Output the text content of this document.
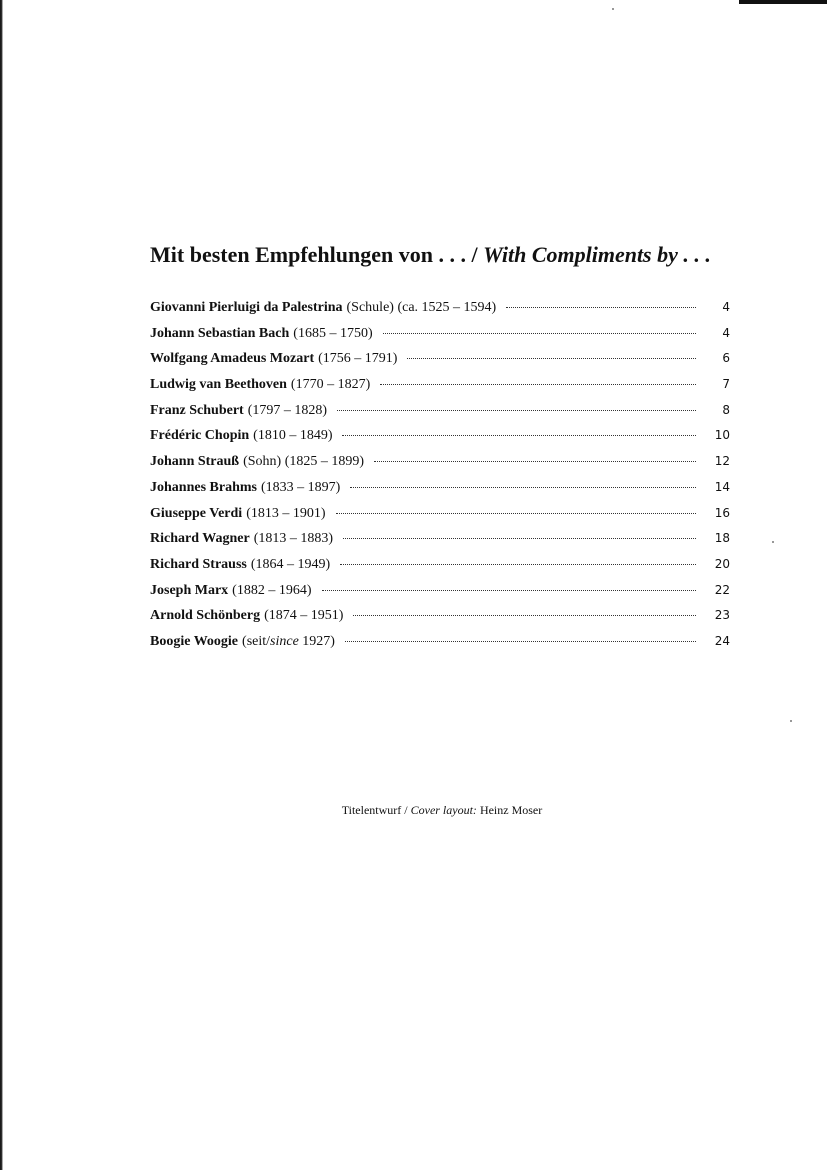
Mit besten Empfehlungen von . . . / With Compliments by . . .
Giovanni Pierluigi da Palestrina (Schule) (ca. 1525 – 1594)	4
Johann Sebastian Bach (1685 – 1750)	4
Wolfgang Amadeus Mozart (1756 – 1791)	6
Ludwig van Beethoven (1770 – 1827)	7
Franz Schubert (1797 – 1828)	8
Frédéric Chopin (1810 – 1849)	10
Johann Strauß (Sohn) (1825 – 1899)	12
Johannes Brahms (1833 – 1897)	14
Giuseppe Verdi (1813 – 1901)	16
Richard Wagner (1813 – 1883)	18
Richard Strauss (1864 – 1949)	20
Joseph Marx (1882 – 1964)	22
Arnold Schönberg (1874 – 1951)	23
Boogie Woogie (seit/since 1927)	24
Titelentwurf / Cover layout: Heinz Moser
